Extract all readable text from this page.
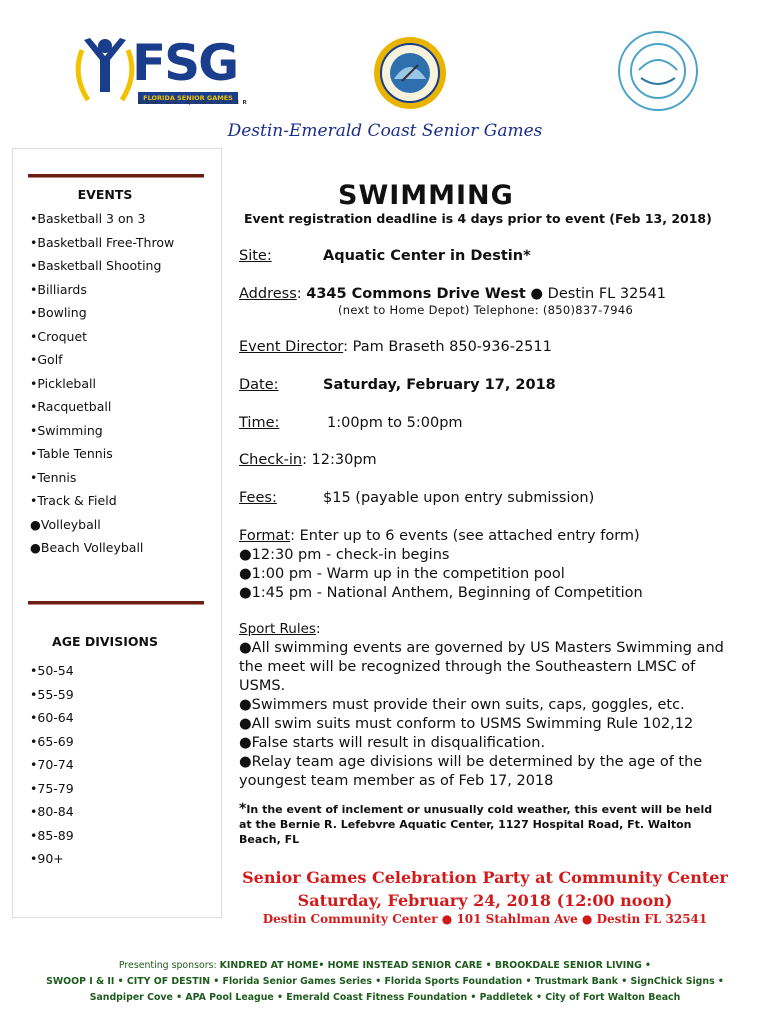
FSG
FLORIDA SENIOR GAMES
SERIES QUALIFIER
Destin-Emerald Coast Senior Games
EVENTS
•Basketball 3 on 3
•Basketball Free-Throw
•Basketball Shooting
•Billiards
•Bowling
•Croquet
•Golf
•Pickleball
•Racquetball
•Swimming
•Table Tennis
•Tennis
•Track & Field
●Volleyball
●Beach Volleyball
AGE DIVISIONS
•50-54
•55-59
•60-64
•65-69
•70-74
•75-79
•80-84
•85-89
•90+
SWIMMING
Event registration deadline is 4 days prior to event (Feb 13, 2018)
Site:	Aquatic Center in Destin*
Address: 4345 Commons Drive West ● Destin FL 32541
(next to Home Depot) Telephone: (850)837-7946
Event Director: Pam Braseth 850-936-2511
Date:	Saturday, February 17, 2018
Time:	1:00pm to 5:00pm
Check-in: 12:30pm
Fees:	$15 (payable upon entry submission)
Format: Enter up to 6 events (see attached entry form)
●12:30 pm - check-in begins
●1:00 pm - Warm up in the competition pool
●1:45 pm - National Anthem, Beginning of Competition
Sport Rules:
●All swimming events are governed by US Masters Swimming and the meet will be recognized through the Southeastern LMSC of USMS.
●Swimmers must provide their own suits, caps, goggles, etc.
●All swim suits must conform to USMS Swimming Rule 102,12
●False starts will result in disqualification.
●Relay team age divisions will be determined by the age of the youngest team member as of Feb 17, 2018
*In the event of inclement or unusually cold weather, this event will be held at the Bernie R. Lefebvre Aquatic Center, 1127 Hospital Road, Ft. Walton Beach, FL
Senior Games Celebration Party at Community Center
Saturday, February 24, 2018 (12:00 noon)
Destin Community Center ● 101 Stahlman Ave ● Destin FL 32541
Presenting sponsors: KINDRED AT HOME• HOME INSTEAD SENIOR CARE • BROOKDALE SENIOR LIVING •
SWOOP I & II • CITY OF DESTIN • Florida Senior Games Series • Florida Sports Foundation • Trustmark Bank • SignChick Signs •
Sandpiper Cove • APA Pool League • Emerald Coast Fitness Foundation • Paddletek • City of Fort Walton Beach
